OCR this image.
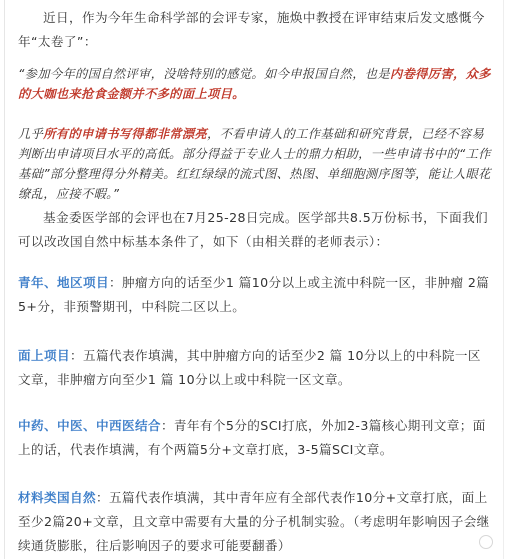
近日，作为今年生命科学部的会评专家，施焕中教授在评审结束后发文感慨今年“太卷了”：

“参加今年的国自然评审，没啥特别的感觉。如今申报国自然，也是内卷得厉害，众多的大咖也来抢食金额并不多的面上项目。

几乎所有的申请书写得都非常漂亮，不看申请人的工作基础和研究背景，已经不容易判断出申请项目水平的高低。部分得益于专业人士的鼎力相助，一些申请书中的“工作基础”部分整理得分外精美。红红绿绿的流式图、热图、单细胞测序图等，能让人眼花缭乱，应接不暇。”

基金委医学部的会评也在7月25-28日完成。医学部共8.5万份标书，下面我们可以改改国自然中标基本条件了，如下（由相关群的老师表示）：

青年、地区项目：肿瘤方向的话至少1 篇10分以上或主流中科院一区，非肿瘤 2篇5+分，非预警期刊，中科院二区以上。

面上项目：五篇代表作填满，其中肿瘤方向的话至少2 篇 10分以上的中科院一区文章，非肿瘤方向至少1 篇 10分以上或中科院一区文章。

中药、中医、中西医结合：青年有个5分的SCI打底，外加2-3篇核心期刊文章；面上的话，代表作填满，有个两篇5分+文章打底，3-5篇SCI文章。

材料类国自然：五篇代表作填满，其中青年应有全部代表作10分+文章打底，面上至少2篇20+文章，且文章中需要有大量的分子机制实验。（考虑明年影响因子会继续通货膨胀，往后影响因子的要求可能要翻番）
